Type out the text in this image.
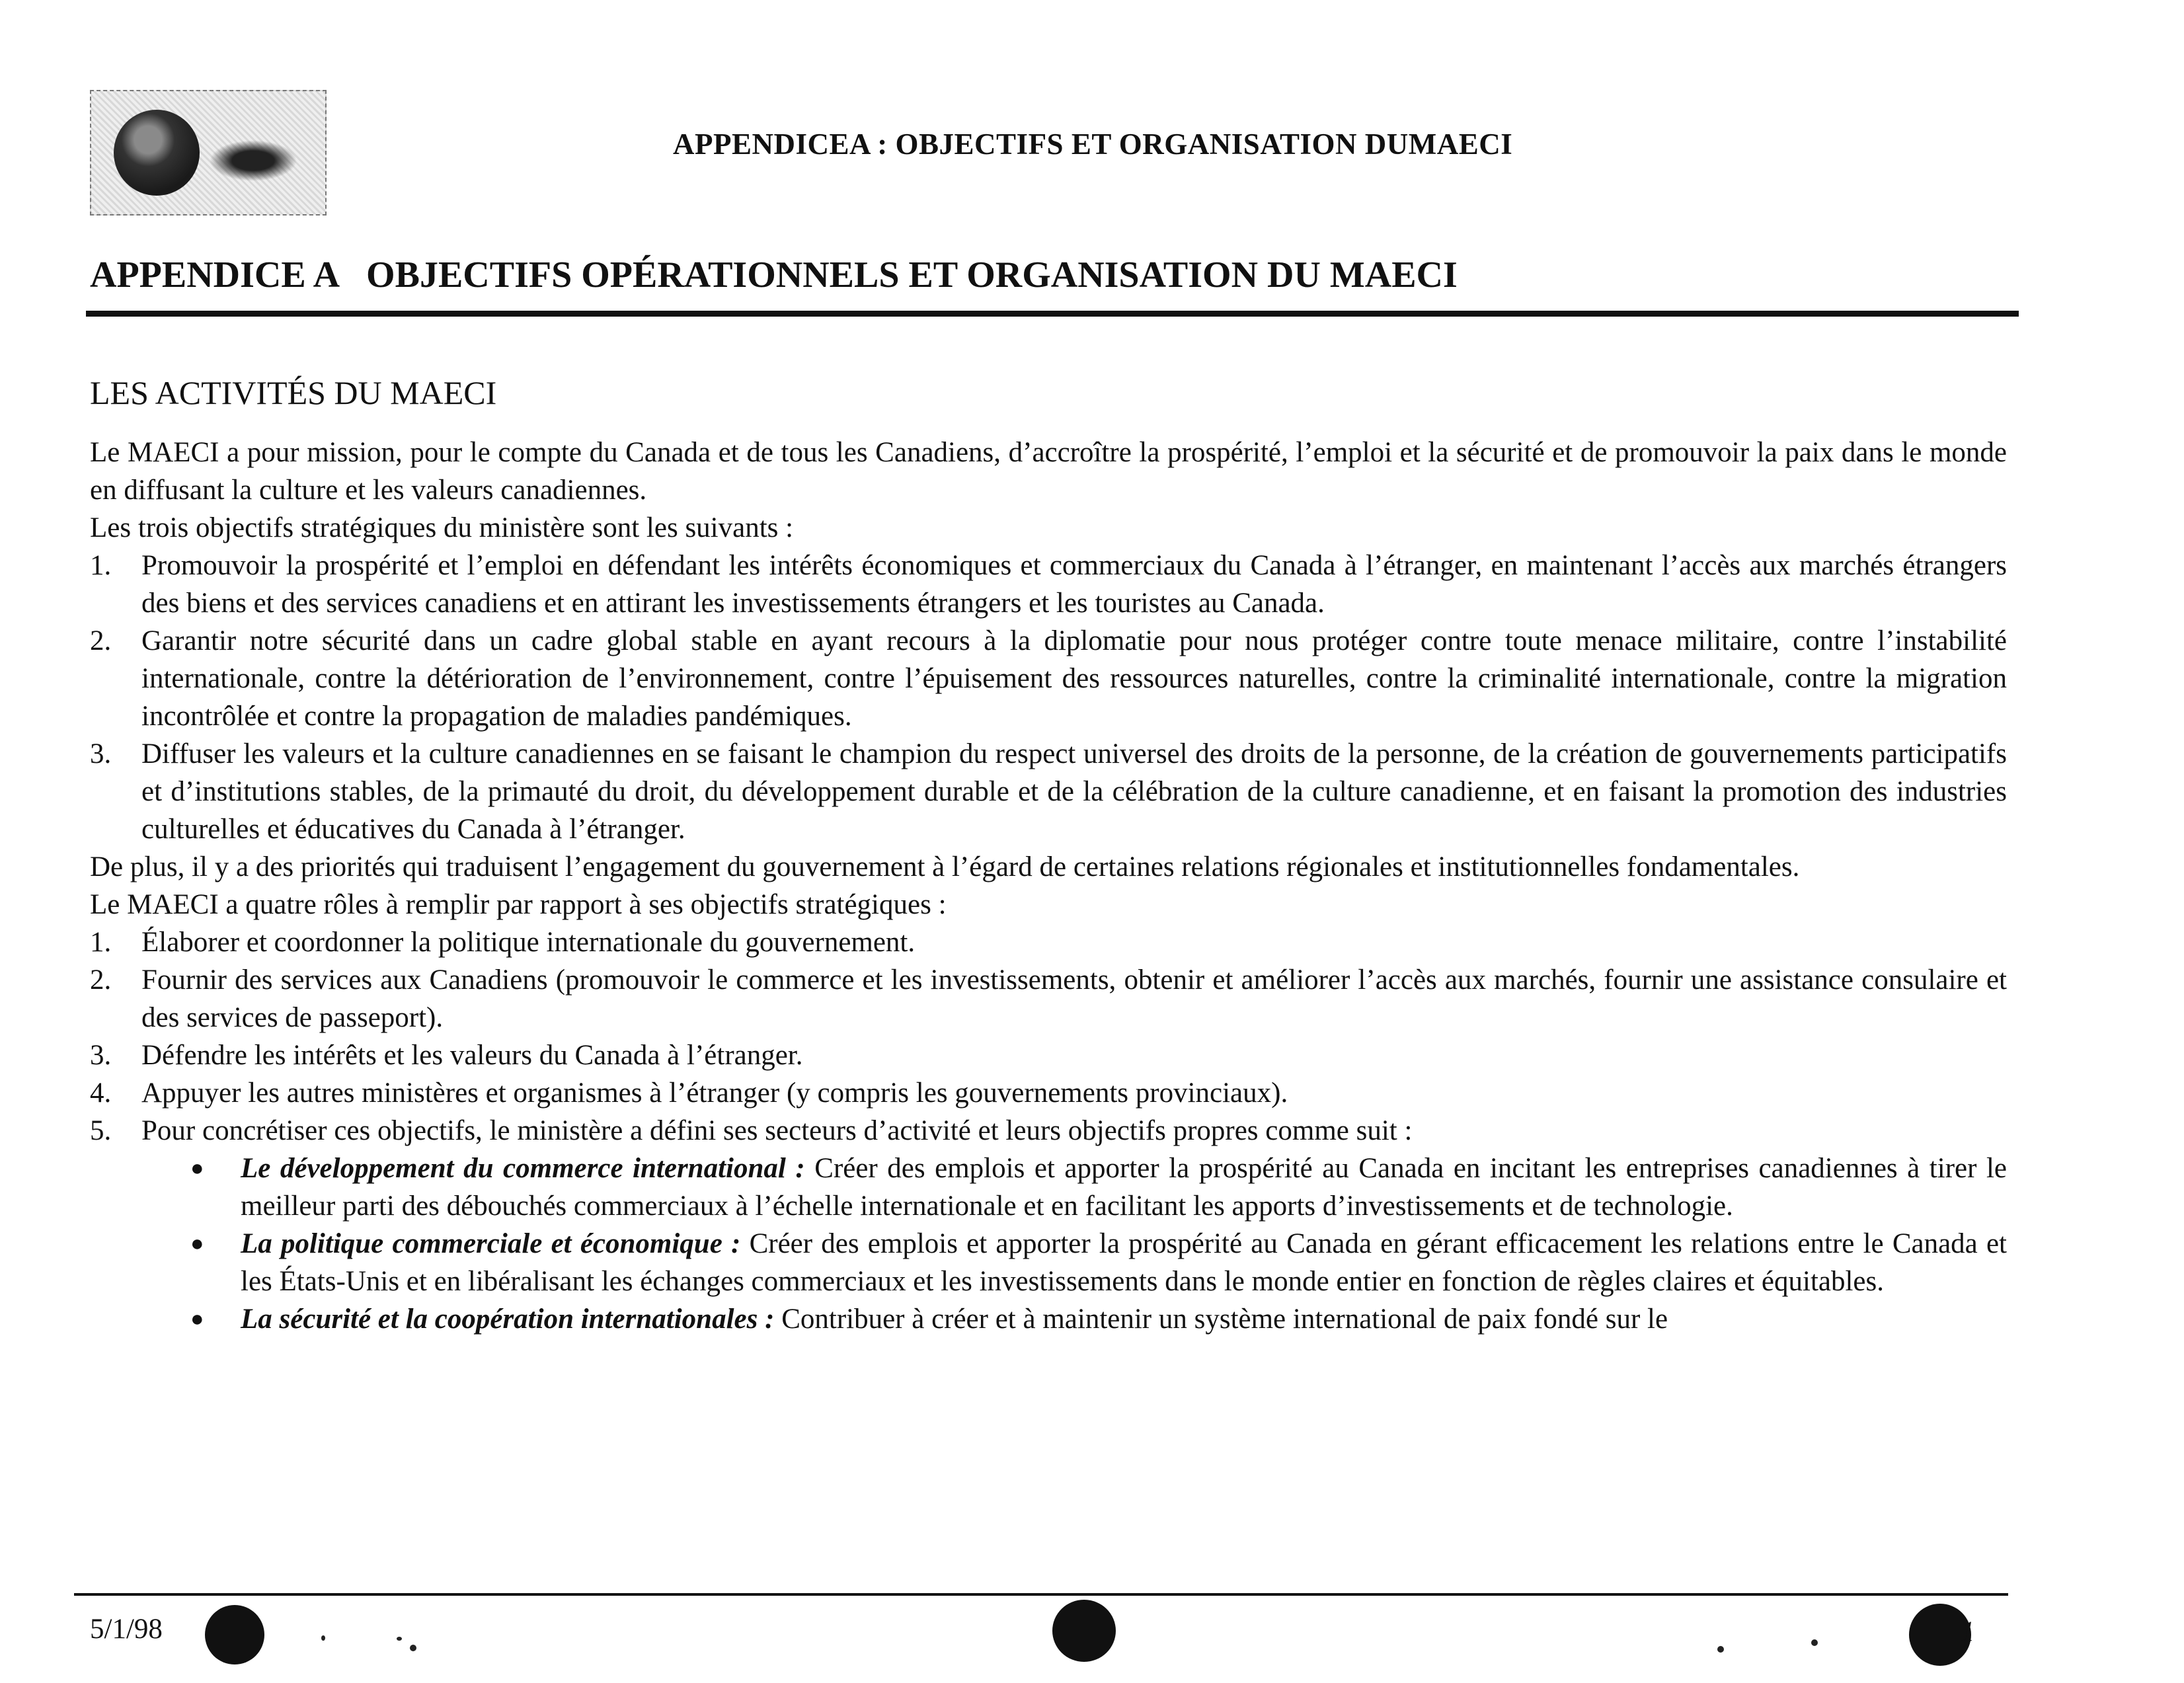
APPENDICEA : OBJECTIFS ET ORGANISATION DUMAECI
APPENDICE A OBJECTIFS OPÉRATIONNELS ET ORGANISATION DU MAECI
LES ACTIVITÉS DU MAECI

Le MAECI a pour mission, pour le compte du Canada et de tous les Canadiens, d’accroître la prospérité, l’emploi et la sécurité et de promouvoir la paix dans le monde en diffusant la culture et les valeurs canadiennes.

Les trois objectifs stratégiques du ministère sont les suivants :

1. Promouvoir la prospérité et l’emploi en défendant les intérêts économiques et commerciaux du Canada à l’étranger, en maintenant l’accès aux marchés étrangers des biens et des services canadiens et en attirant les investissements étrangers et les touristes au Canada.
2. Garantir notre sécurité dans un cadre global stable en ayant recours à la diplomatie pour nous protéger contre toute menace militaire, contre l’instabilité internationale, contre la détérioration de l’environnement, contre l’épuisement des ressources naturelles, contre la criminalité internationale, contre la migration incontrôlée et contre la propagation de maladies pandémiques.
3. Diffuser les valeurs et la culture canadiennes en se faisant le champion du respect universel des droits de la personne, de la création de gouvernements participatifs et d’institutions stables, de la primauté du droit, du développement durable et de la célébration de la culture canadienne, et en faisant la promotion des industries culturelles et éducatives du Canada à l’étranger.

De plus, il y a des priorités qui traduisent l’engagement du gouvernement à l’égard de certaines relations régionales et institutionnelles fondamentales.

Le MAECI a quatre rôles à remplir par rapport à ses objectifs stratégiques :

1. Élaborer et coordonner la politique internationale du gouvernement.
2. Fournir des services aux Canadiens (promouvoir le commerce et les investissements, obtenir et améliorer l’accès aux marchés, fournir une assistance consulaire et des services de passeport).
3. Défendre les intérêts et les valeurs du Canada à l’étranger.
4. Appuyer les autres ministères et organismes à l’étranger (y compris les gouvernements provinciaux).
5. Pour concrétiser ces objectifs, le ministère a défini ses secteurs d’activité et leurs objectifs propres comme suit :
● Le développement du commerce international : Créer des emplois et apporter la prospérité au Canada en incitant les entreprises canadiennes à tirer le meilleur parti des débouchés commerciaux à l’échelle internationale et en facilitant les apports d’investissements et de technologie.
● La politique commerciale et économique : Créer des emplois et apporter la prospérité au Canada en gérant efficacement les relations entre le Canada et les États-Unis et en libéralisant les échanges commerciaux et les investissements dans le monde entier en fonction de règles claires et équitables.
● La sécurité et la coopération internationales : Contribuer à créer et à maintenir un système international de paix fondé sur le
5/1/98	1
